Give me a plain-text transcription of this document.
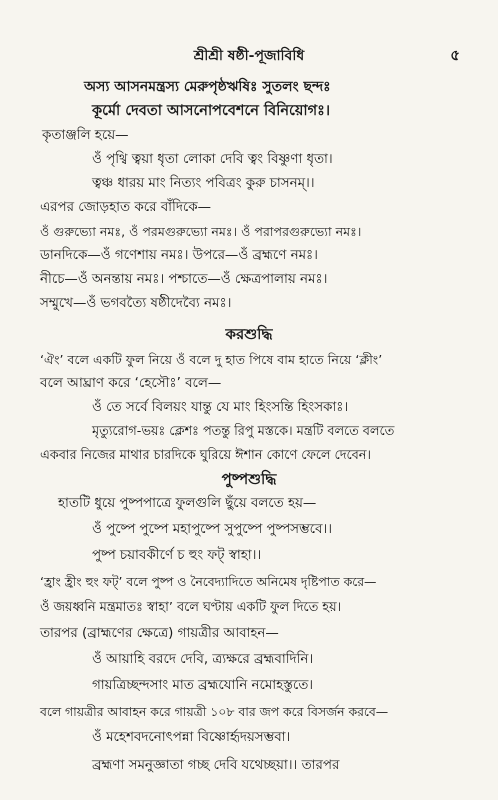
শ্রীশ্রী ষষ্ঠী-পূজাবিধি	৫
অস্য আসনমন্ত্রস্য মেরুপৃষ্ঠঋষিঃ সুতলং ছন্দঃ
কূর্মো দেবতা আসনোপবেশনে বিনিয়োগঃ।
কৃতাঞ্জলি হয়ে—
ওঁ পৃথ্বি ত্বয়া ধৃতা লোকা দেবি ত্বং বিষ্ণুণা ধৃতা।
ত্বঞ্চ ধারয় মাং নিত্যং পবিত্রং কুরু চাসনম্।।
এরপর জোড়হাত করে বাঁদিকে—
ওঁ গুরুভ্যো নমঃ, ওঁ পরমগুরুভ্যো নমঃ। ওঁ পরাপরগুরুভ্যো নমঃ।
ডানদিকে—ওঁ গণেশায় নমঃ। উপরে—ওঁ ব্রহ্মণে নমঃ।
নীচে—ওঁ অনন্তায় নমঃ। পশ্চাতে—ওঁ ক্ষেত্রপালায় নমঃ।
সম্মুখে—ওঁ ভগবত্যৈ ষষ্ঠীদেব্যৈ নমঃ।
করশুদ্ধি
‘ঐং’ বলে একটি ফুল নিয়ে ওঁ বলে দু হাত পিষে বাম হাতে নিয়ে ‘ক্লীং’
বলে আঘ্রাণ করে ‘হেসৌঃ’ বলে—
ওঁ তে সর্বে বিলয়ং যান্তু যে মাং হিংসন্তি হিংসকাঃ।
মৃত্যুরোগ-ভয়ঃ ক্লেশঃ পতন্তু রিপু মস্তকে। মন্ত্রটি বলতে বলতে
একবার নিজের মাথার চারদিকে ঘুরিয়ে ঈশান কোণে ফেলে দেবেন।
পুষ্পশুদ্ধি
হাতটি ধুয়ে পুষ্পপাত্রে ফুলগুলি ছুঁয়ে বলতে হয়—
ওঁ পুষ্পে পুষ্পে মহাপুষ্পে সুপুষ্পে পুষ্পসম্ভবে।।
পুষ্প চয়াবকীর্ণে চ হুং ফট্ স্বাহা।।
‘হ্রাং হ্রীং হুং ফট্’ বলে পুষ্প ও নৈবেদ্যাদিতে অনিমেষ দৃষ্টিপাত করে—
ওঁ জয়ধ্বনি মন্ত্রমাতঃ স্বাহা’ বলে ঘণ্টায় একটি ফুল দিতে হয়।
তারপর (ব্রাহ্মণের ক্ষেত্রে) গায়ত্রীর আবাহন—
ওঁ আয়াহি বরদে দেবি, ত্র্যক্ষরে ব্রহ্মবাদিনি।
গায়ত্রিচ্ছন্দসাং মাত ব্রহ্মযোনি নমোহস্তুতে।
বলে গায়ত্রীর আবাহন করে গায়ত্রী ১০৮ বার জপ করে বিসর্জন করবে—
ওঁ মহেশবদনোৎপন্না বিষ্ণোর্হৃদয়সম্ভবা।
ব্রহ্মণা সমনুজ্ঞাতা গচ্ছ দেবি যথেচ্ছয়া।। তারপর
